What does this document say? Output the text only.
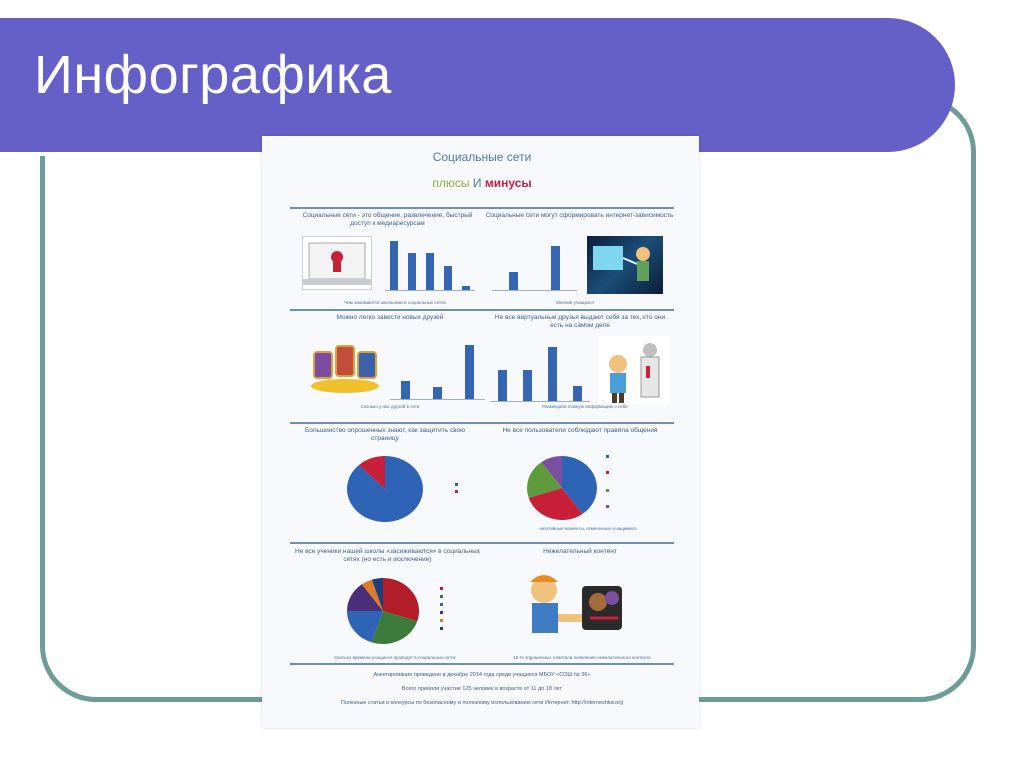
Инфографика
Социальные сети
плюсы И минусы
Социальные сети - это общение, развлечение, быстрый доступ к медиаресурсам
Социальные сети могут сформировать интернет-зависимость
Чем занимаются школьники в социальных сетях	Мнение учащихся
Можно легко завести новых друзей	Не все виртуальные друзья выдают себя за тех, кто они есть на самом деле
Сколько у нас друзей в сети	Размещали ложную информацию о себе
Большинство опрошенных знают, как защитить свою страницу
Не все пользователи соблюдают правила общения
негативные моменты, отмеченные учащимися
Не все ученики нашей школы «засиживаются» в социальных сетях (но есть и исключение)
Нежелательный контент
Сколько времени учащиеся проводят в социальных сетях	16 % опрошенных отметили появление нежелательного контента
Анкетирование проведено в декабре 2014 года среди учащихся МБОУ «СОШ № 36»
Всего приняли участие 125 человек в возрасте от 11 до 18 лет
Полезные статьи и конкурсы по безопасному и полезному использованию сети Интернет. http://interneshka.org
